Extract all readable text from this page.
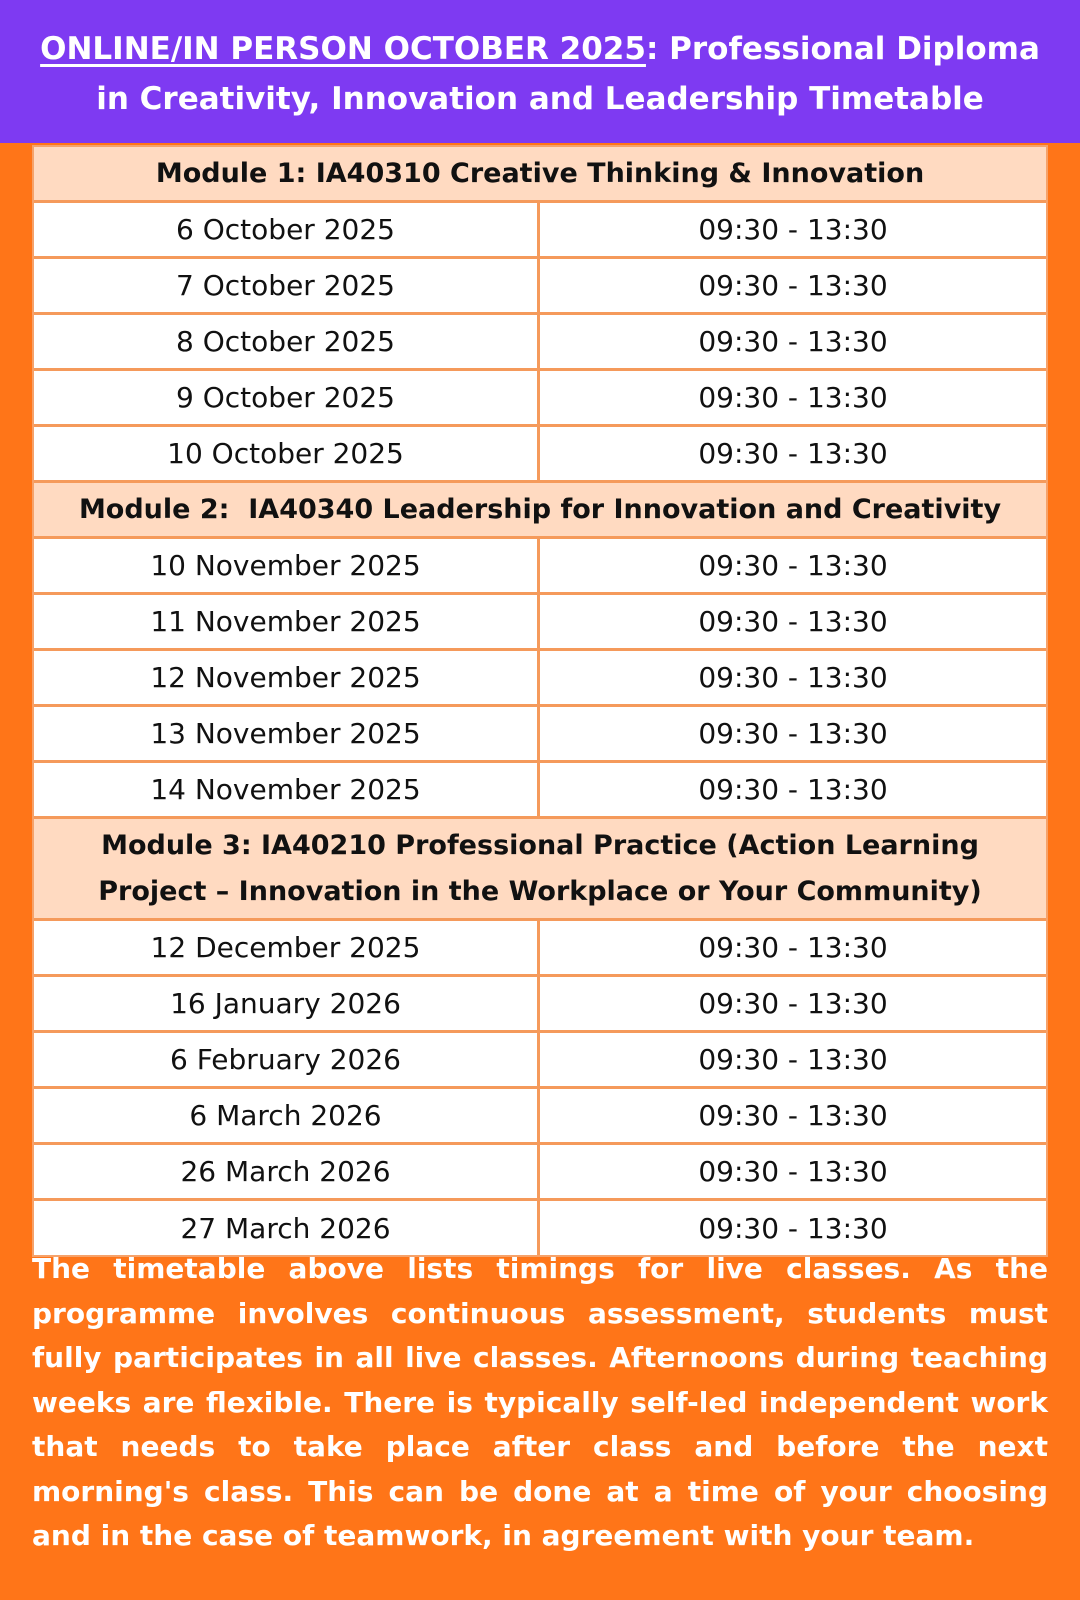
ONLINE/IN PERSON OCTOBER 2025: Professional Diploma
in Creativity, Innovation and Leadership Timetable
Module 1: IA40310 Creative Thinking & Innovation
6 October 2025	09:30 - 13:30
7 October 2025	09:30 - 13:30
8 October 2025	09:30 - 13:30
9 October 2025	09:30 - 13:30
10 October 2025	09:30 - 13:30
Module 2:  IA40340 Leadership for Innovation and Creativity
10 November 2025	09:30 - 13:30
11 November 2025	09:30 - 13:30
12 November 2025	09:30 - 13:30
13 November 2025	09:30 - 13:30
14 November 2025	09:30 - 13:30
Module 3: IA40210 Professional Practice (Action Learning
Project – Innovation in the Workplace or Your Community)
12 December 2025	09:30 - 13:30
16 January 2026	09:30 - 13:30
6 February 2026	09:30 - 13:30
6 March 2026	09:30 - 13:30
26 March 2026	09:30 - 13:30
27 March 2026	09:30 - 13:30
The timetable above lists timings for live classes. As the programme involves continuous assessment, students must fully participates in all live classes. Afternoons during teaching weeks are flexible. There is typically self-led independent work that needs to take place after class and before the next morning's class. This can be done at a time of your choosing and in the case of teamwork, in agreement with your team.
